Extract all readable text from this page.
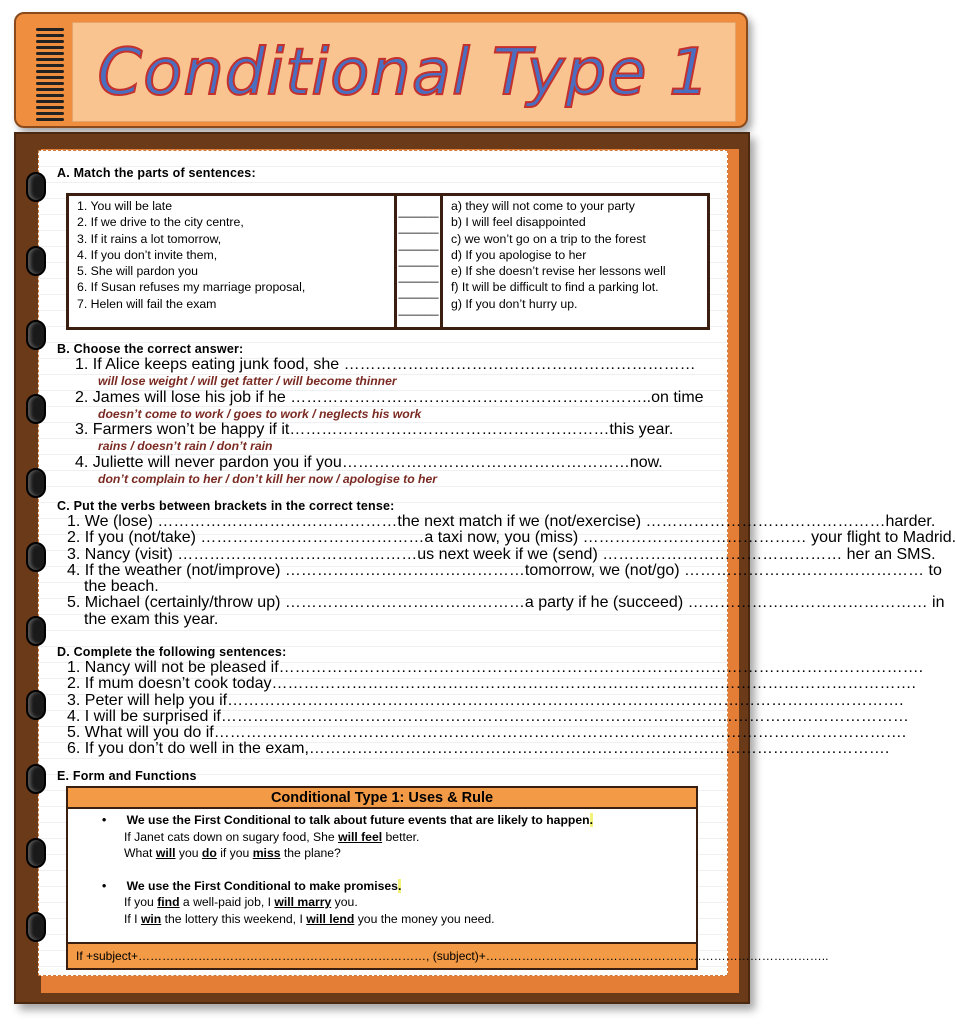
Conditional Type 1
A. Match the parts of sentences:
1. You will be late
2. If we drive to the city centre,
3. If it rains a lot tomorrow,
4. If you don’t invite them,
5. She will pardon you
6. If Susan refuses my marriage proposal,
7. Helen will fail the exam
______
______
______
______
______
______
______
a) they will not come to your party
b) I will feel disappointed
c) we won’t go on a trip to the forest
d) If you apologise to her
e) If she doesn’t revise her lessons well
f) It will be difficult to find a parking lot.
g) If you don’t hurry up.
B. Choose the correct answer:
1. If Alice keeps eating junk food, she …………………………………………………………
will lose weight / will get fatter / will become thinner
2. James will lose his job if he …………………………………………………………..on time
doesn’t come to work / goes to work / neglects his work
3. Farmers won’t be happy if it……………………………………………………this year.
rains / doesn’t rain / don’t rain
4. Juliette will never pardon you if you………………………………………………now.
don’t complain to her / don’t kill her now / apologise to her
C. Put the verbs between brackets in the correct tense:
1. We (lose) ………………………………………the next match if we (not/exercise) ………………………………………harder.
2. If you (not/take) ……………………………………a taxi now, you (miss) …………………………………… your flight to Madrid.
3. Nancy (visit) ………………………………………us next week if we (send) ……………………………………… her an SMS.
4. If the weather (not/improve) ………………………………………tomorrow, we (not/go) ……………………………………… to
the beach.
5. Michael (certainly/throw up) ………………………………………a party if he (succeed) ……………………………………… in
the exam this year.
D. Complete the following sentences:
1. Nancy will not be pleased if………………………………………………………………………………………………………….
2. If mum doesn’t cook today………………………………………………………………………………………………………….
3. Peter will help you if……………………………………………………………………………………………………………….
4. I will be surprised if…………………………………………………………………………………………………………………
5. What will you do if………………………………………………………………………………………………………………….
6. If you don’t do well in the exam,……………………………………………………………………………………………….
E. Form and Functions
Conditional Type 1: Uses & Rule
• We use the First Conditional to talk about future events that are likely to happen.
If Janet cats down on sugary food, She will feel better.
What will you do if you miss the plane?
• We use the First Conditional to make promises.
If you find a well-paid job, I will marry you.
If I win the lottery this weekend, I will lend you the money you need.
If +subject+………………………………………………………………, (subject)+…………………………………………………………………………..
